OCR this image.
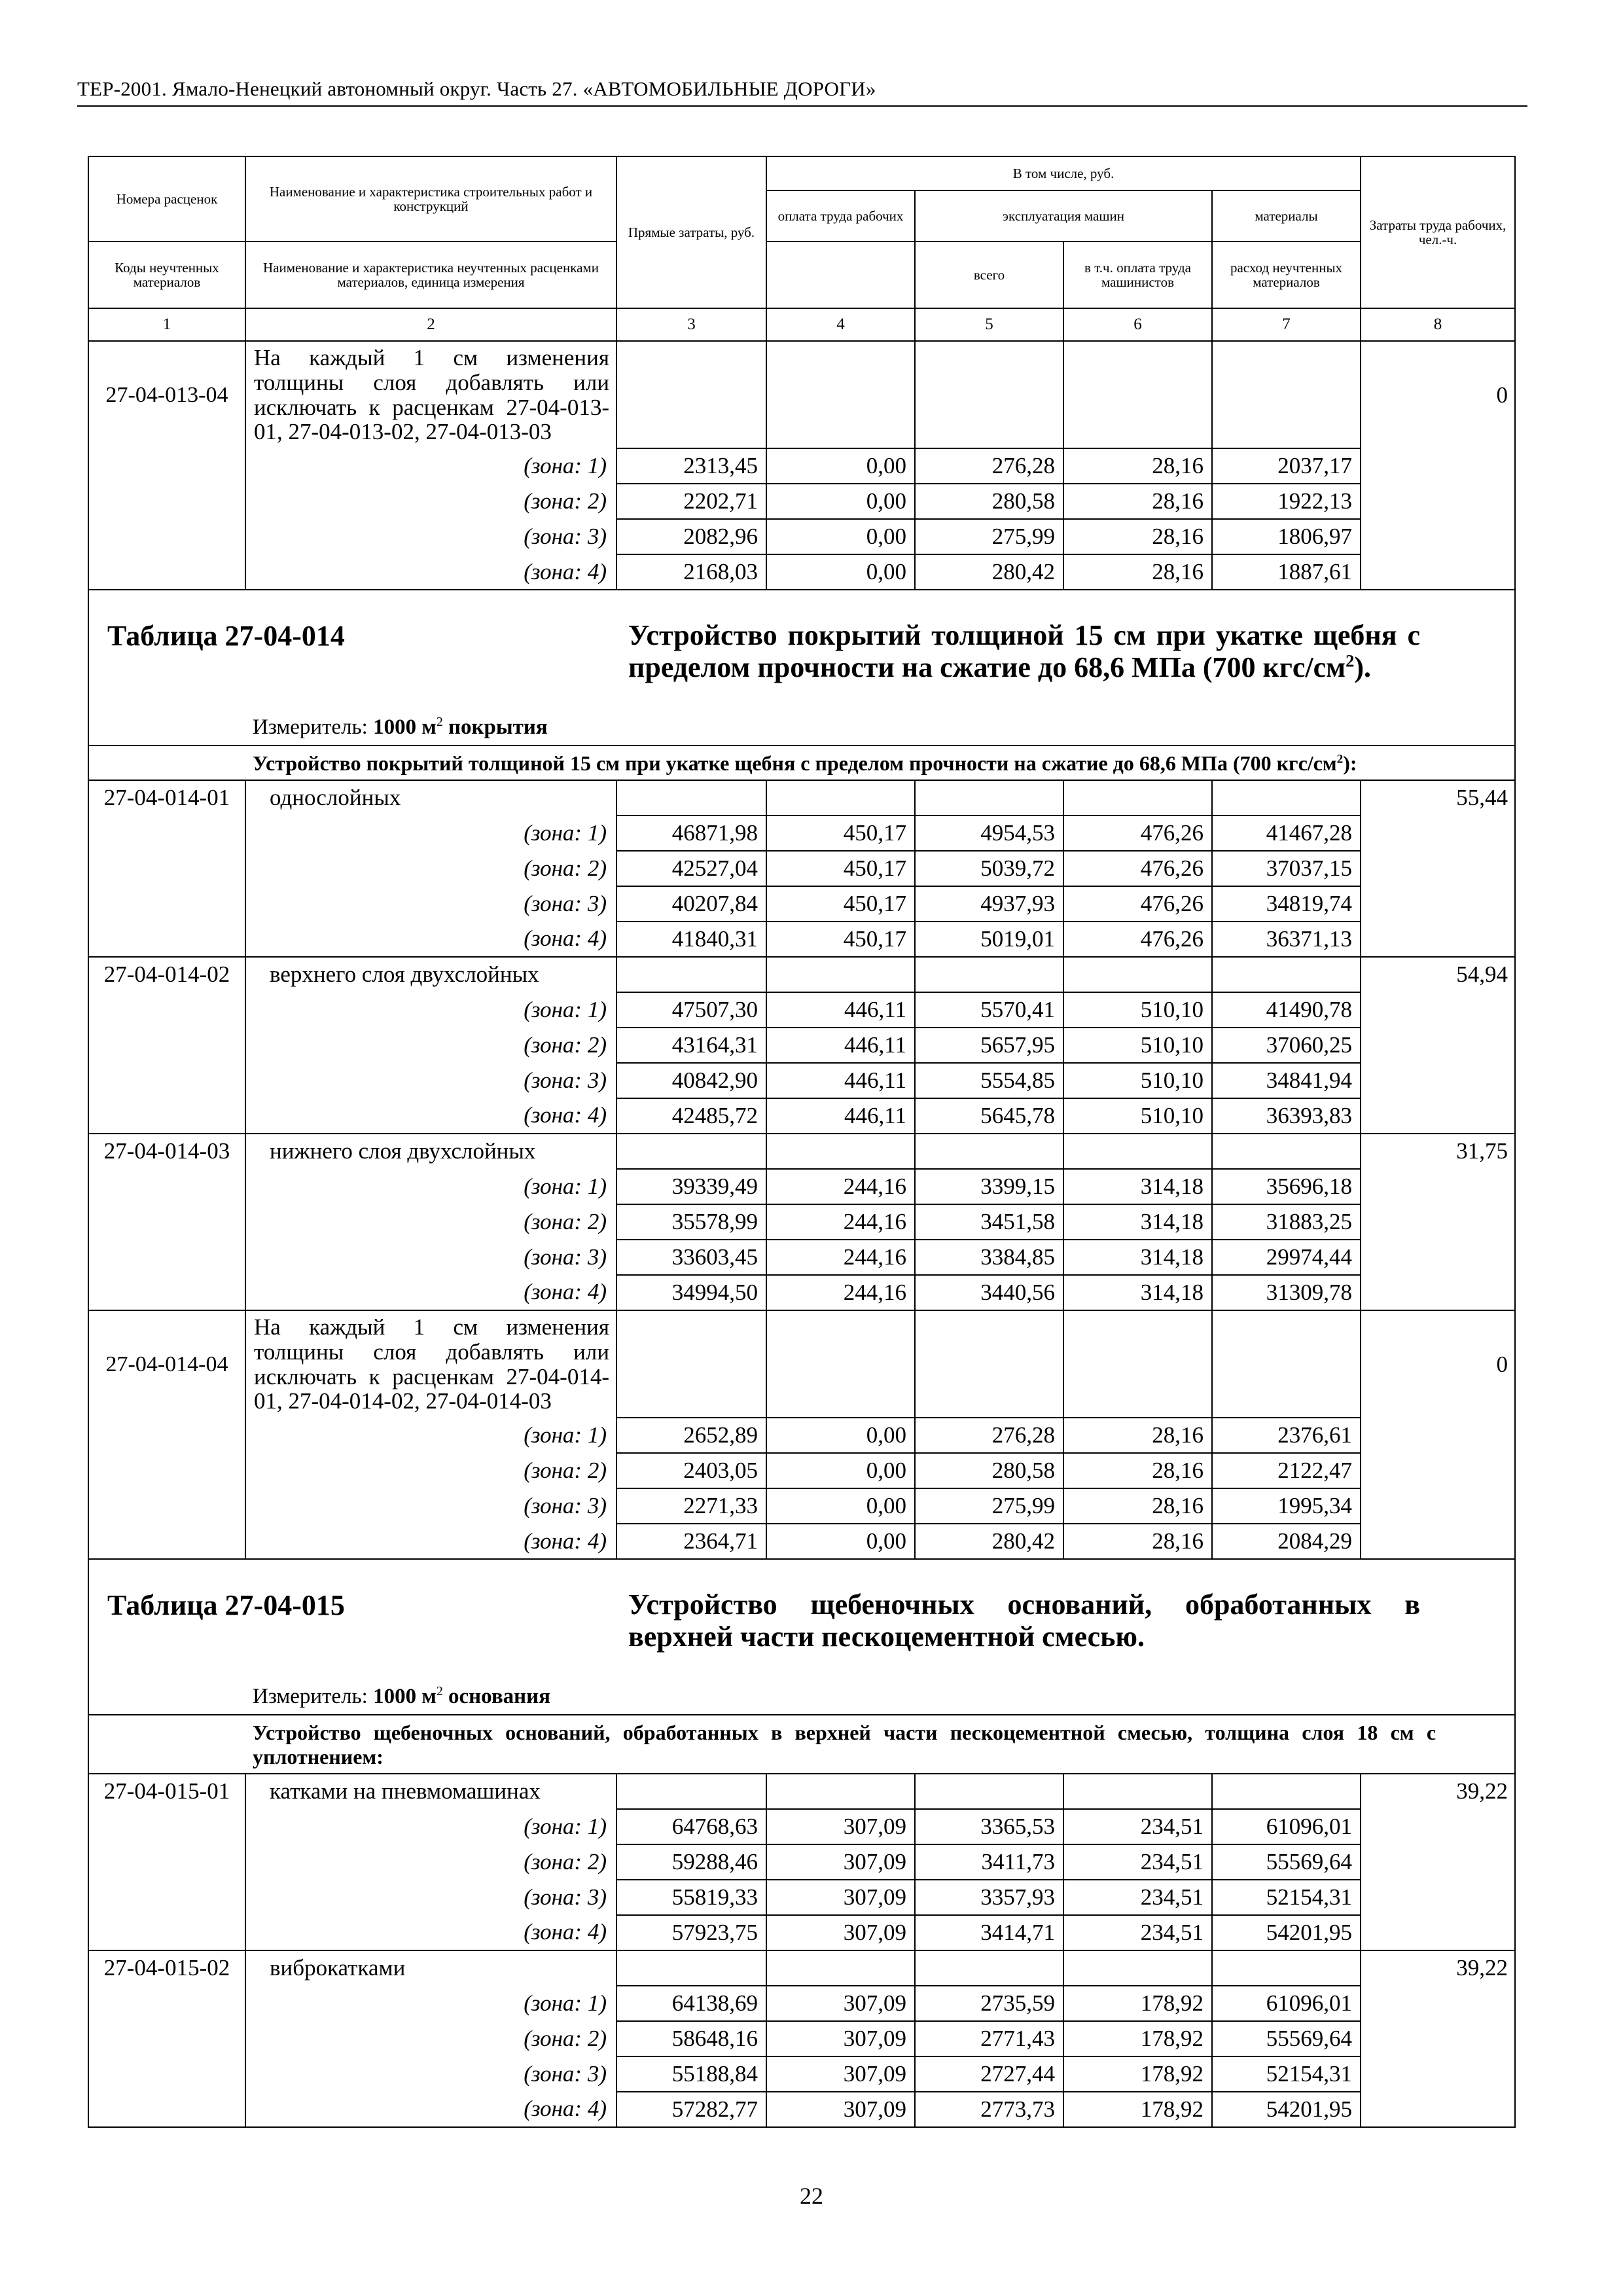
ТЕР-2001. Ямало-Ненецкий автономный округ. Часть 27. «АВТОМОБИЛЬНЫЕ ДОРОГИ»
Номера расценок	Наименование и характеристика строительных работ и конструкций	Прямые затраты, руб.	В том числе, руб.				Затраты труда рабочих, чел.-ч.
			оплата труда рабочих	эксплуатация машин		материалы	
Коды неучтенных материалов	Наименование и характеристика неучтенных расценками материалов, единица измерения			всего	в т.ч. оплата труда машинистов	расход неучтенных материалов	

1	2	3	4	5	6	7	8
27-04-013-04	На каждый 1 см изменения толщины слоя добавлять или исключать к расценкам 27-04-013-01, 27-04-013-02, 27-04-013-03						0
	(зона: 1)	2313,45	0,00	276,28	28,16	2037,17	
	(зона: 2)	2202,71	0,00	280,58	28,16	1922,13	
	(зона: 3)	2082,96	0,00	275,99	28,16	1806,97	
	(зона: 4)	2168,03	0,00	280,42	28,16	1887,61	

Таблица 27-04-014 Устройство покрытий толщиной 15 см при укатке щебня с пределом прочности на сжатие до 68,6 МПа (700 кгс/$см^2$).
Измеритель: 1000 $м^2$ покрытия							

Устройство покрытий толщиной 15 см при укатке щебня с пределом прочности на сжатие до 68,6 МПа (700 кгс/$см^2$):							
27-04-014-01	однослойных						55,44
	(зона: 1)	46871,98	450,17	4954,53	476,26	41467,28	
	(зона: 2)	42527,04	450,17	5039,72	476,26	37037,15	
	(зона: 3)	40207,84	450,17	4937,93	476,26	34819,74	
	(зона: 4)	41840,31	450,17	5019,01	476,26	36371,13	
27-04-014-02	верхнего слоя двухслойных						54,94
	(зона: 1)	47507,30	446,11	5570,41	510,10	41490,78	
	(зона: 2)	43164,31	446,11	5657,95	510,10	37060,25	
	(зона: 3)	40842,90	446,11	5554,85	510,10	34841,94	
	(зона: 4)	42485,72	446,11	5645,78	510,10	36393,83	
27-04-014-03	нижнего слоя двухслойных						31,75
	(зона: 1)	39339,49	244,16	3399,15	314,18	35696,18	
	(зона: 2)	35578,99	244,16	3451,58	314,18	31883,25	
	(зона: 3)	33603,45	244,16	3384,85	314,18	29974,44	
	(зона: 4)	34994,50	244,16	3440,56	314,18	31309,78	
27-04-014-04	На каждый 1 см изменения толщины слоя добавлять или исключать к расценкам 27-04-014-01, 27-04-014-02, 27-04-014-03						0
	(зона: 1)	2652,89	0,00	276,28	28,16	2376,61	
	(зона: 2)	2403,05	0,00	280,58	28,16	2122,47	
	(зона: 3)	2271,33	0,00	275,99	28,16	1995,34	
	(зона: 4)	2364,71	0,00	280,42	28,16	2084,29	

Таблица 27-04-015 Устройство щебеночных оснований, обработанных в верхней части пескоцементной смесью.
Измеритель: 1000 $м^2$ основания							

Устройство щебеночных оснований, обработанных в верхней части пескоцементной смесью, толщина слоя 18 см с уплотнением:							
27-04-015-01	катками на пневмомашинах						39,22
	(зона: 1)	64768,63	307,09	3365,53	234,51	61096,01	
	(зона: 2)	59288,46	307,09	3411,73	234,51	55569,64	
	(зона: 3)	55819,33	307,09	3357,93	234,51	52154,31	
	(зона: 4)	57923,75	307,09	3414,71	234,51	54201,95	
27-04-015-02	виброкатками						39,22
	(зона: 1)	64138,69	307,09	2735,59	178,92	61096,01	
	(зона: 2)	58648,16	307,09	2771,43	178,92	55569,64	
	(зона: 3)	55188,84	307,09	2727,44	178,92	52154,31	
	(зона: 4)	57282,77	307,09	2773,73	178,92	54201,95	
22
